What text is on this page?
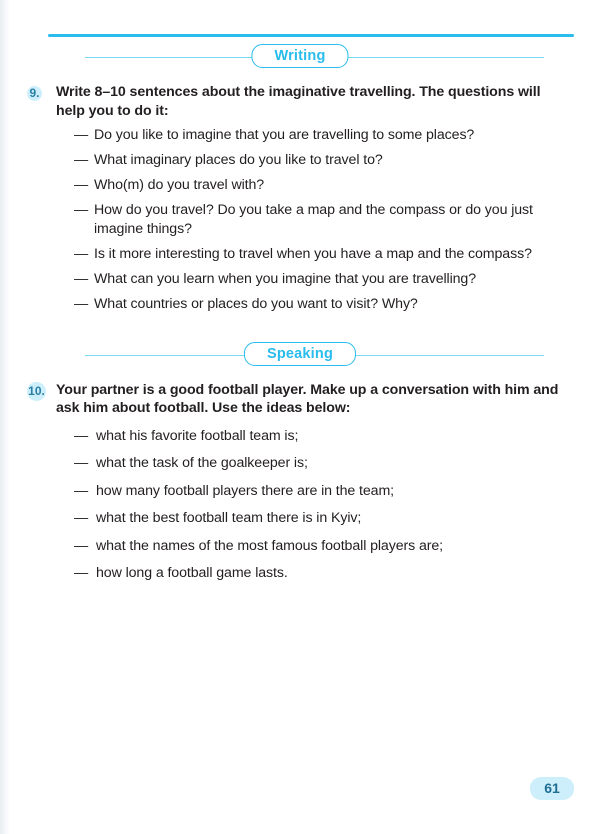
Writing
9.	Write 8–10 sentences about the imaginative travelling. The questions will help you to do it:
— Do you like to imagine that you are travelling to some places?
— What imaginary places do you like to travel to?
— Who(m) do you travel with?
— How do you travel? Do you take a map and the compass or do you just imagine things?
— Is it more interesting to travel when you have a map and the compass?
— What can you learn when you imagine that you are travelling?
— What countries or places do you want to visit? Why?
Speaking
10. Your partner is a good football player. Make up a conversation with him and ask him about football. Use the ideas below:
— what his favorite football team is;
— what the task of the goalkeeper is;
— how many football players there are in the team;
— what the best football team there is in Kyiv;
— what the names of the most famous football players are;
— how long a football game lasts.
61
